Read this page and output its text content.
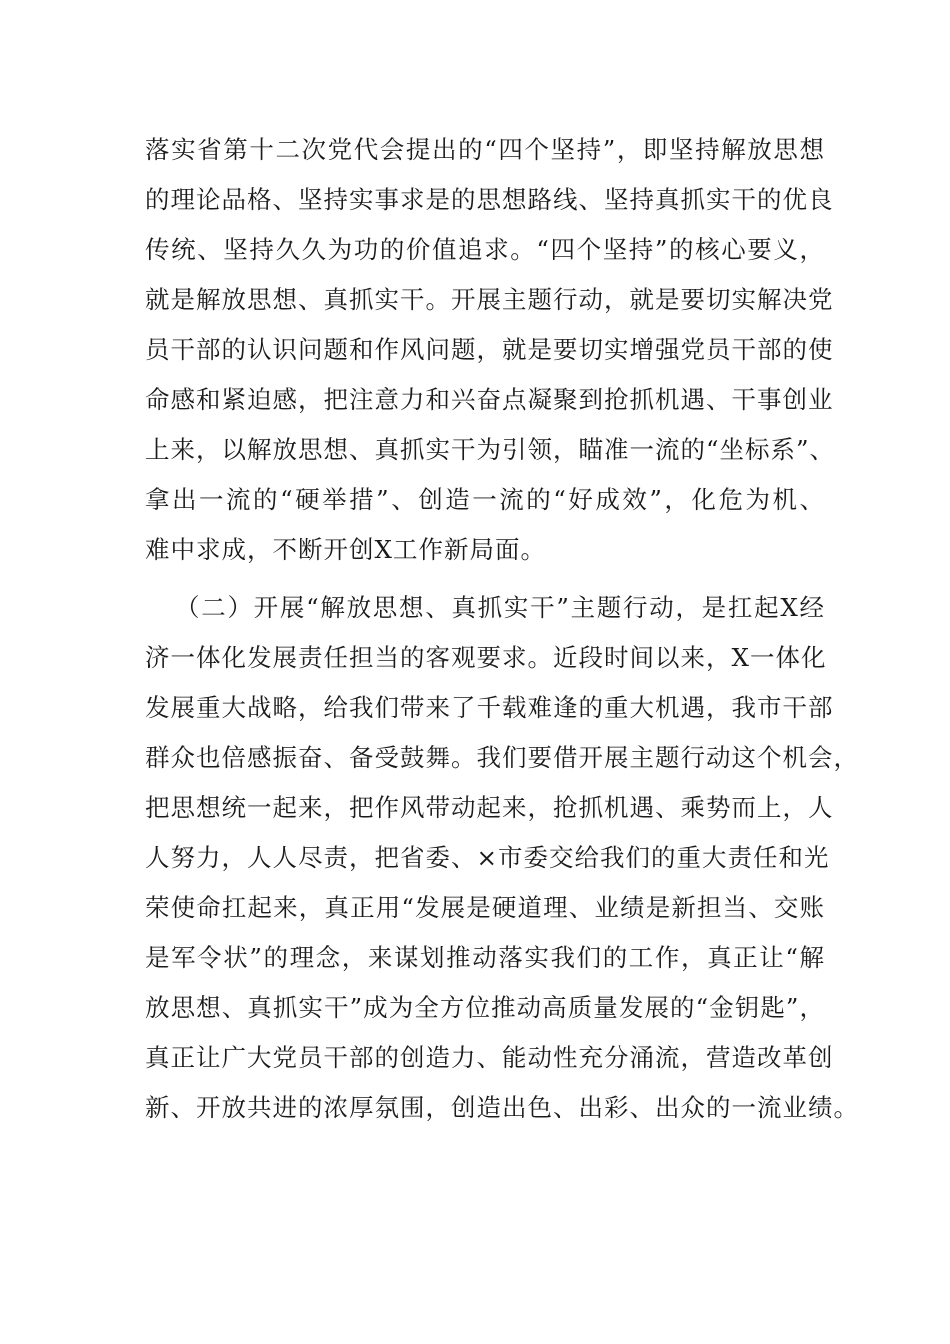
落实省第十二次党代会提出的“四个坚持”，即坚持解放思想
的理论品格、坚持实事求是的思想路线、坚持真抓实干的优良
传统、坚持久久为功的价值追求。“四个坚持”的核心要义，
就是解放思想、真抓实干。开展主题行动，就是要切实解决党
员干部的认识问题和作风问题，就是要切实增强党员干部的使
命感和紧迫感，把注意力和兴奋点凝聚到抢抓机遇、干事创业
上来，以解放思想、真抓实干为引领，瞄准一流的“坐标系”、
拿出一流的“硬举措”、创造一流的“好成效”，化危为机、
难中求成，不断开创X工作新局面。
（二）开展“解放思想、真抓实干”主题行动，是扛起X经
济一体化发展责任担当的客观要求。近段时间以来，X一体化
发展重大战略，给我们带来了千载难逢的重大机遇，我市干部
群众也倍感振奋、备受鼓舞。我们要借开展主题行动这个机会，
把思想统一起来，把作风带动起来，抢抓机遇、乘势而上，人
人努力，人人尽责，把省委、×市委交给我们的重大责任和光
荣使命扛起来，真正用“发展是硬道理、业绩是新担当、交账
是军令状”的理念，来谋划推动落实我们的工作，真正让“解
放思想、真抓实干”成为全方位推动高质量发展的“金钥匙”，
真正让广大党员干部的创造力、能动性充分涌流，营造改革创
新、开放共进的浓厚氛围，创造出色、出彩、出众的一流业绩。
